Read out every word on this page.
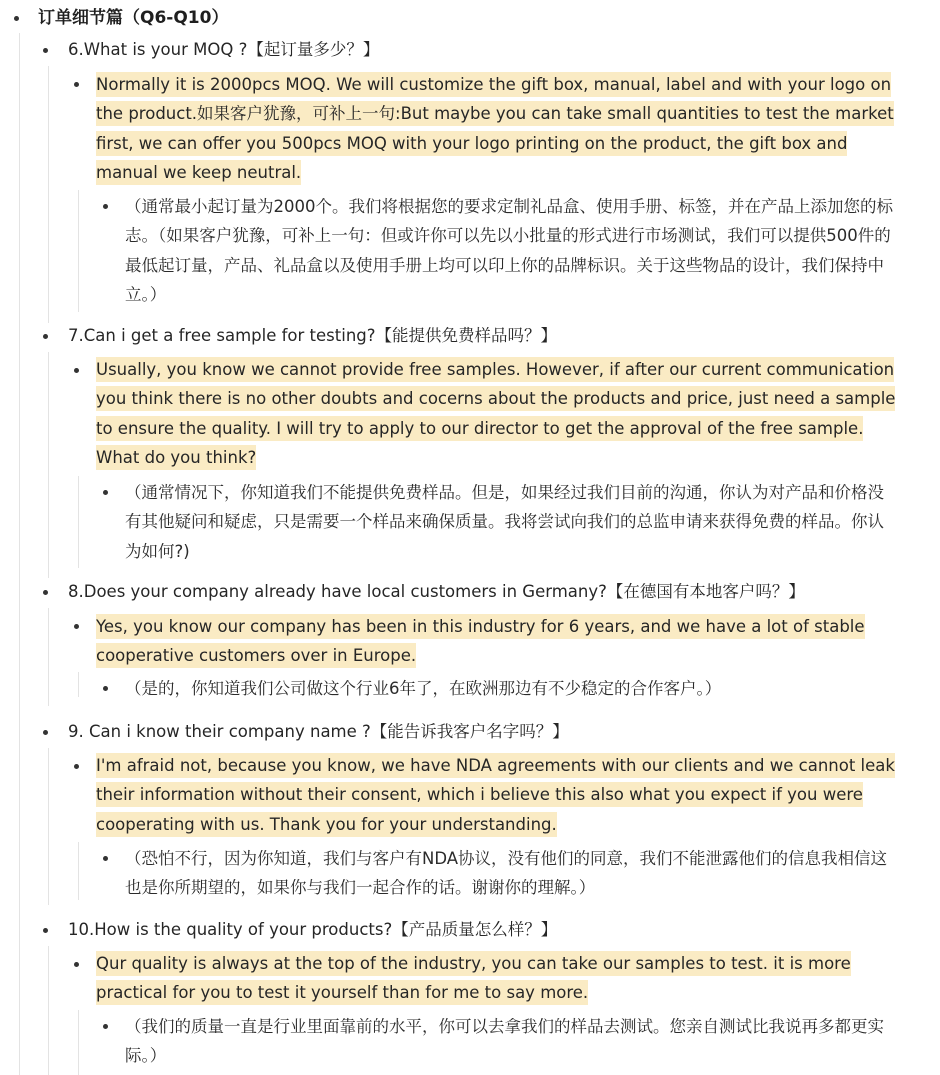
订单细节篇（Q6-Q10）
6.What is your MOQ ?【起订量多少？】
Normally it is 2000pcs MOQ. We will customize the gift box, manual, label and with your logo on the product.如果客户犹豫，可补上一句:But maybe you can take small quantities to test the market first, we can offer you 500pcs MOQ with your logo printing on the product, the gift box and manual we keep neutral.
（通常最小起订量为2000个。我们将根据您的要求定制礼品盒、使用手册、标签，并在产品上添加您的标志。（如果客户犹豫，可补上一句：但或许你可以先以小批量的形式进行市场测试，我们可以提供500件的最低起订量，产品、礼品盒以及使用手册上均可以印上你的品牌标识。关于这些物品的设计，我们保持中立。）
7.Can i get a free sample for testing?【能提供免费样品吗？】
Usually, you know we cannot provide free samples. However, if after our current communication you think there is no other doubts and cocerns about the products and price, just need a sample to ensure the quality. I will try to apply to our director to get the approval of the free sample. What do you think?
（通常情况下，你知道我们不能提供免费样品。但是，如果经过我们目前的沟通，你认为对产品和价格没有其他疑问和疑虑，只是需要一个样品来确保质量。我将尝试向我们的总监申请来获得免费的样品。你认为如何?)
8.Does your company already have local customers in Germany?【在德国有本地客户吗？】
Yes, you know our company has been in this industry for 6 years, and we have a lot of stable cooperative customers over in Europe.
（是的，你知道我们公司做这个行业6年了，在欧洲那边有不少稳定的合作客户。）
9. Can i know their company name ?【能告诉我客户名字吗？】
I'm afraid not, because you know, we have NDA agreements with our clients and we cannot leak their information without their consent, which i believe this also what you expect if you were cooperating with us. Thank you for your understanding.
（恐怕不行，因为你知道，我们与客户有NDA协议，没有他们的同意，我们不能泄露他们的信息我相信这也是你所期望的，如果你与我们一起合作的话。谢谢你的理解。）
10.How is the quality of your products?【产品质量怎么样？】
Qur quality is always at the top of the industry, you can take our samples to test. it is more practical for you to test it yourself than for me to say more.
（我们的质量一直是行业里面靠前的水平，你可以去拿我们的样品去测试。您亲自测试比我说再多都更实际。）
